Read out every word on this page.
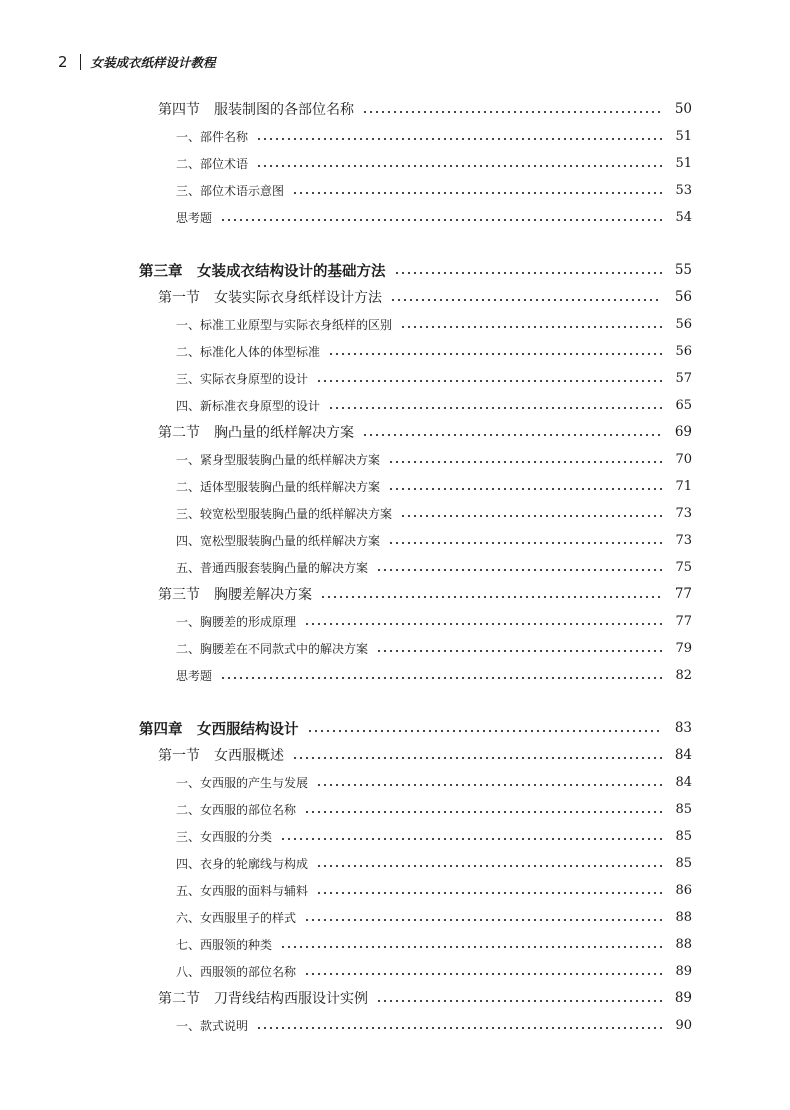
2 女装成衣纸样设计教程
第四节　服装制图的各部位名称	50
一、部件名称	51
二、部位术语	51
三、部位术语示意图	53
思考题	54
第三章　女装成衣结构设计的基础方法	55
第一节　女装实际衣身纸样设计方法	56
一、标准工业原型与实际衣身纸样的区别	56
二、标准化人体的体型标准	56
三、实际衣身原型的设计	57
四、新标准衣身原型的设计	65
第二节　胸凸量的纸样解决方案	69
一、紧身型服装胸凸量的纸样解决方案	70
二、适体型服装胸凸量的纸样解决方案	71
三、较宽松型服装胸凸量的纸样解决方案	73
四、宽松型服装胸凸量的纸样解决方案	73
五、普通西服套装胸凸量的解决方案	75
第三节　胸腰差解决方案	77
一、胸腰差的形成原理	77
二、胸腰差在不同款式中的解决方案	79
思考题	82
第四章　女西服结构设计	83
第一节　女西服概述	84
一、女西服的产生与发展	84
二、女西服的部位名称	85
三、女西服的分类	85
四、衣身的轮廓线与构成	85
五、女西服的面料与辅料	86
六、女西服里子的样式	88
七、西服领的种类	88
八、西服领的部位名称	89
第二节　刀背线结构西服设计实例	89
一、款式说明	90
